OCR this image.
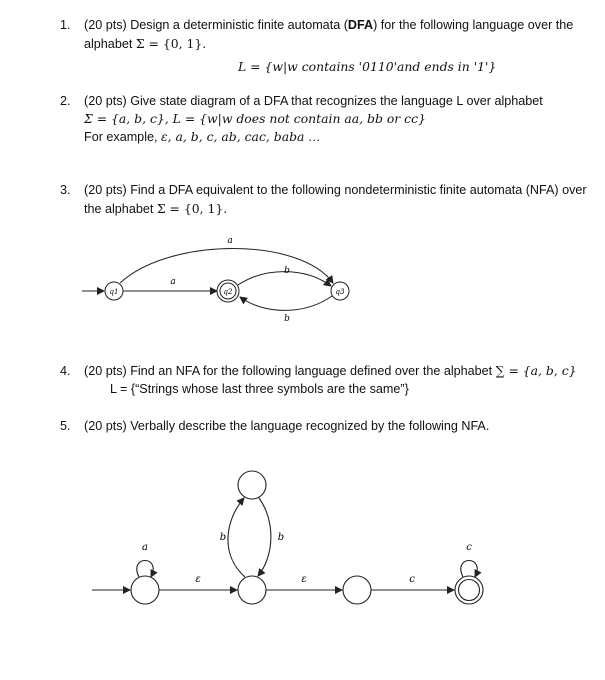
1.	(20 pts) Design a deterministic finite automata (DFA) for the following language over the
alphabet Σ = {0, 1}.
L = {w|w contains '0110'and ends in '1'}
2.	(20 pts) Give state diagram of a DFA that recognizes the language L over alphabet
Σ = {a, b, c}, L = {w|w does not contain aa, bb or cc}
For example, ε, a, b, c, ab, cac, baba …
3.	(20 pts) Find a DFA equivalent to the following nondeterministic finite automata (NFA) over
the alphabet Σ = {0, 1}.
q1
a
q2	q3
a
b
b
4.	(20 pts) Find an NFA for the following language defined over the alphabet ∑ = {a, b, c}
L = {“Strings whose last three symbols are the same”}
5.	(20 pts) Verbally describe the language recognized by the following NFA.
a
ε
b	b
ε	c
c
